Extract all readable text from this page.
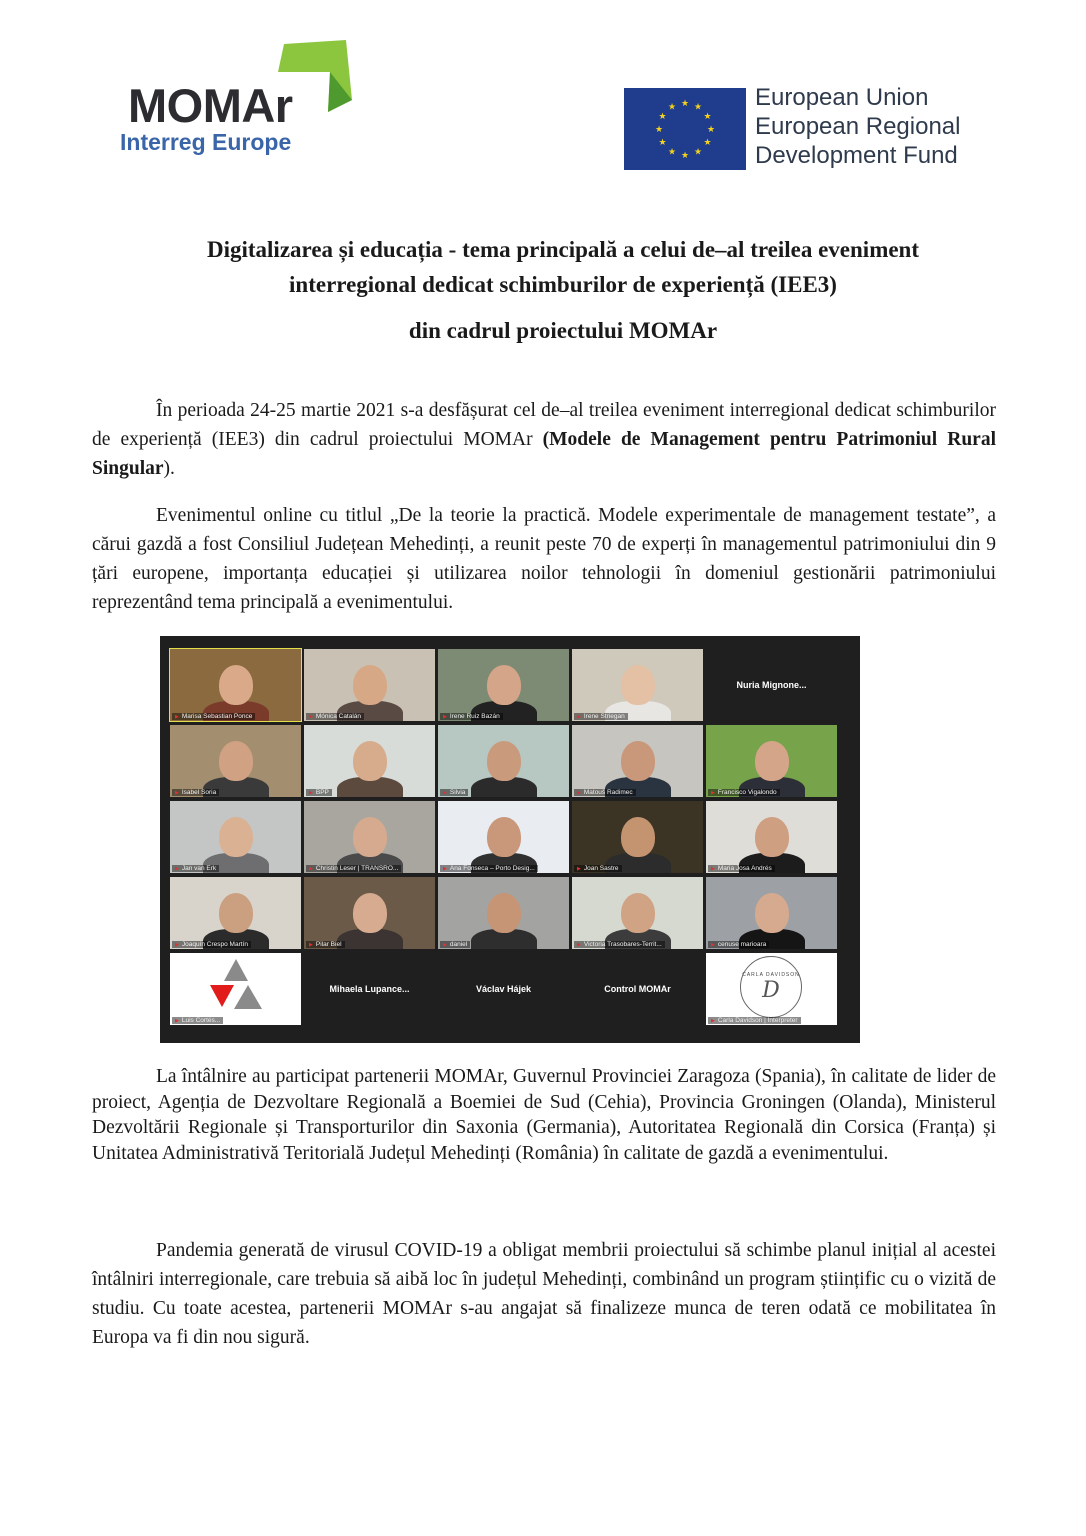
MOMAr

Interreg Europe

★ ★
★
★
★
★
★
★
★
★
★
★	European Union
European Regional
Development Fund
Digitalizarea și educația - tema principală a celui de–al treilea eveniment
interregional dedicat schimburilor de experiență (IEE3)
din cadrul proiectului MOMAr

În perioada 24-25 martie 2021 s-a desfășurat cel de–al treilea eveniment interregional dedicat schimburilor de experiență (IEE3) din cadrul proiectului MOMAr (Modele de Management pentru Patrimoniul Rural Singular).

Evenimentul online cu titlul „De la teorie la practică. Modele experimentale de management testate”, a cărui gazdă a fost Consiliul Județean Mehedinți, a reunit peste 70 de experți în managementul patrimoniului din 9 țări europene, importanța educației și utilizarea noilor tehnologii în domeniul gestionării patrimoniului reprezentând tema principală a evenimentului.

▶ Marisa Sebastian Ponce	▶ Mónica Catalán	▶ Irene Ruiz Bazán	▶ Irene Striegan
Nuria Mignone...
▶ Isabel Soria	▶ BPP	▶ Silvia	▶ Matouš Radimec	▶ Francisco Vigalondo
▶ Jan van Erk	▶ Christin Leser | TRANSRO...	▶ Ana Fonseca – Porto Desig...	▶ Joan Sastre	▶ Maria Josa Andrés
▶ Joaquín Crespo Martín	▶ Pilar Biel	▶ daniel	▶ Victoria Trasobares-Territ...	▶ cenuse marioara
▶ Luis Cortés...
Mihaela Lupance...	Václav Hájek	Control MOMAr
CARLA DAVIDSON
D
▶ Carla Davidson | Interpreter

La întâlnire au participat partenerii MOMAr, Guvernul Provinciei Zaragoza (Spania), în calitate de lider de proiect, Agenția de Dezvoltare Regională a Boemiei de Sud (Cehia), Provincia Groningen (Olanda), Ministerul Dezvoltării Regionale și Transporturilor din Saxonia (Germania), Autoritatea Regională din Corsica (Franța) și Unitatea Administrativă Teritorială Județul Mehedinți (România) în calitate de gazdă a evenimentului.

Pandemia generată de virusul COVID-19 a obligat membrii proiectului să schimbe planul inițial al acestei întâlniri interregionale, care trebuia să aibă loc în județul Mehedinți, combinând un program științific cu o vizită de studiu. Cu toate acestea, partenerii MOMAr s-au angajat să finalizeze munca de teren odată ce mobilitatea în Europa va fi din nou sigură.
